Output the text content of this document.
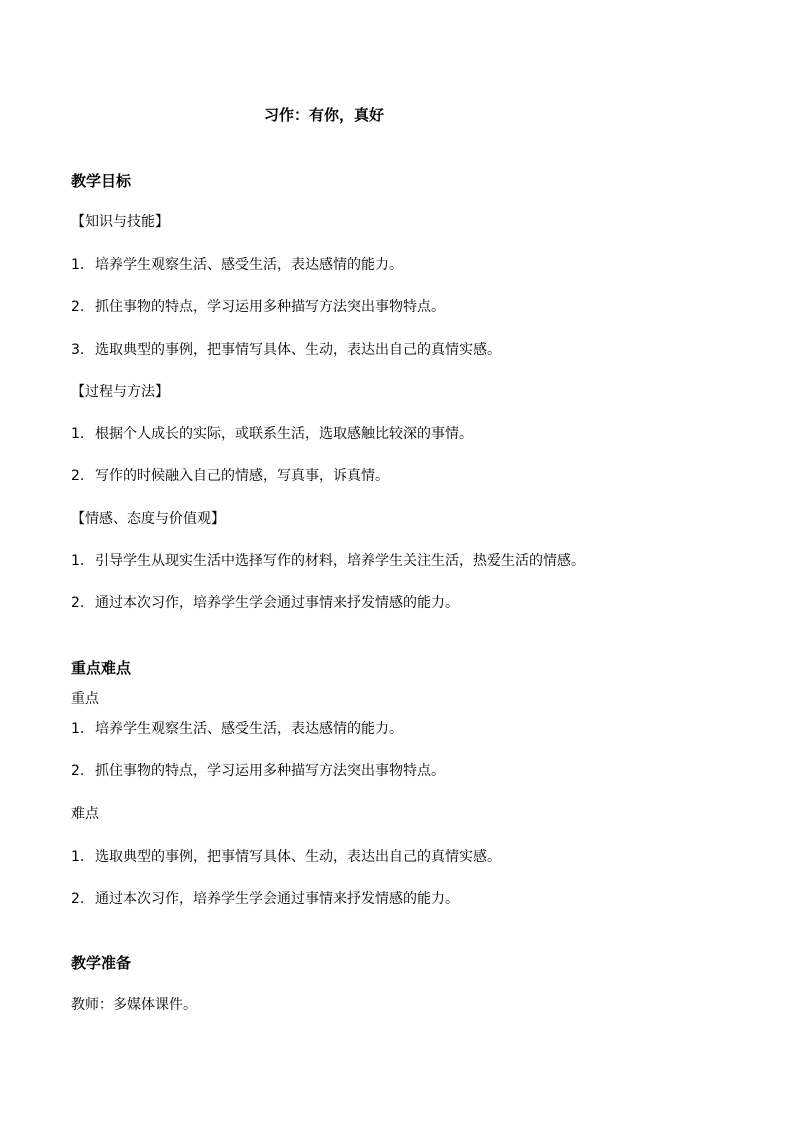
习作：有你，真好
教学目标
【知识与技能】
1. 培养学生观察生活、感受生活，表达感情的能力。
2. 抓住事物的特点，学习运用多种描写方法突出事物特点。
3. 选取典型的事例，把事情写具体、生动，表达出自己的真情实感。
【过程与方法】
1. 根据个人成长的实际，或联系生活，选取感触比较深的事情。
2. 写作的时候融入自己的情感，写真事，诉真情。
【情感、态度与价值观】
1. 引导学生从现实生活中选择写作的材料，培养学生关注生活，热爱生活的情感。
2. 通过本次习作，培养学生学会通过事情来抒发情感的能力。
重点难点
重点
1. 培养学生观察生活、感受生活，表达感情的能力。
2. 抓住事物的特点，学习运用多种描写方法突出事物特点。
难点
1. 选取典型的事例，把事情写具体、生动，表达出自己的真情实感。
2. 通过本次习作，培养学生学会通过事情来抒发情感的能力。
教学准备
教师：多媒体课件。
